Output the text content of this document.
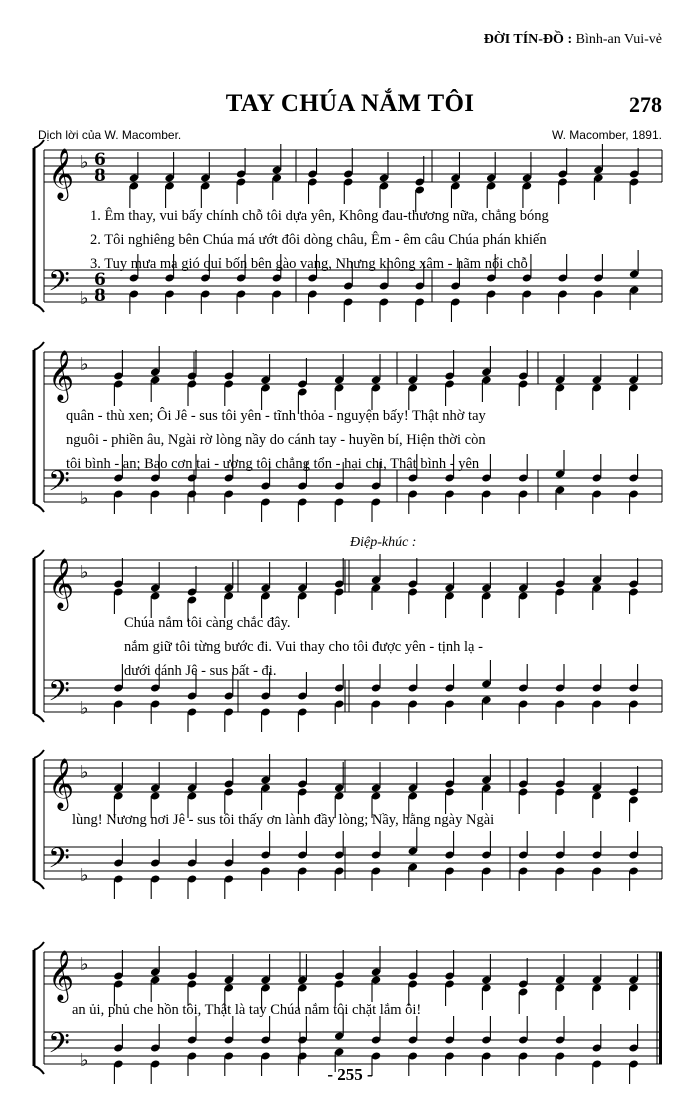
ĐỜI TÍN-ĐỒ : Bình-an Vui-vẻ
TAY CHÚA NẮM TÔI	278
Dịch lời của W. Macomber.	W. Macomber, 1891.
Điệp-khúc :
1. Êm thay, vui bấy chính chỗ tôi dựa yên, Không đau-thương nữa, chẳng bóng
2. Tôi nghiêng bên Chúa má ướt đôi dòng châu, Êm - êm câu Chúa phán khiến
3. Tuy mưa ma gió quỉ bốn bên gào vang, Nhưng không xâm - hãm nổi chỗ
quân - thù xen; Ôi Jê - sus tôi yên - tĩnh thỏa - nguyện bấy! Thật nhờ tay
nguôi - phiền âu, Ngài rờ lòng nầy do cánh tay - huyền bí, Hiện thời còn
tôi bình - an; Bao cơn tai - ương tôi chẳng tổn - hại chi, Thật bình - yên
Chúa nắm tôi càng chắc đây.
nắm giữ tôi từng bước đi. Vui thay cho tôi được yên - tịnh lạ -
dưới cánh Jê - sus bất - đi.
lùng! Nương nơi Jê - sus tôi thấy ơn lành đầy lòng; Nầy, hằng ngày Ngài
an ủi, phủ che hồn tôi, Thật là tay Chúa nắm tôi chặt lắm ôi!
- 255 -
𝄞
𝄢
♭
♭
6
8
6
8
𝄞
𝄢
♭
♭
𝄞
𝄢
♭
♭
𝄞
𝄢
♭
♭
𝄞
𝄢
♭
♭
